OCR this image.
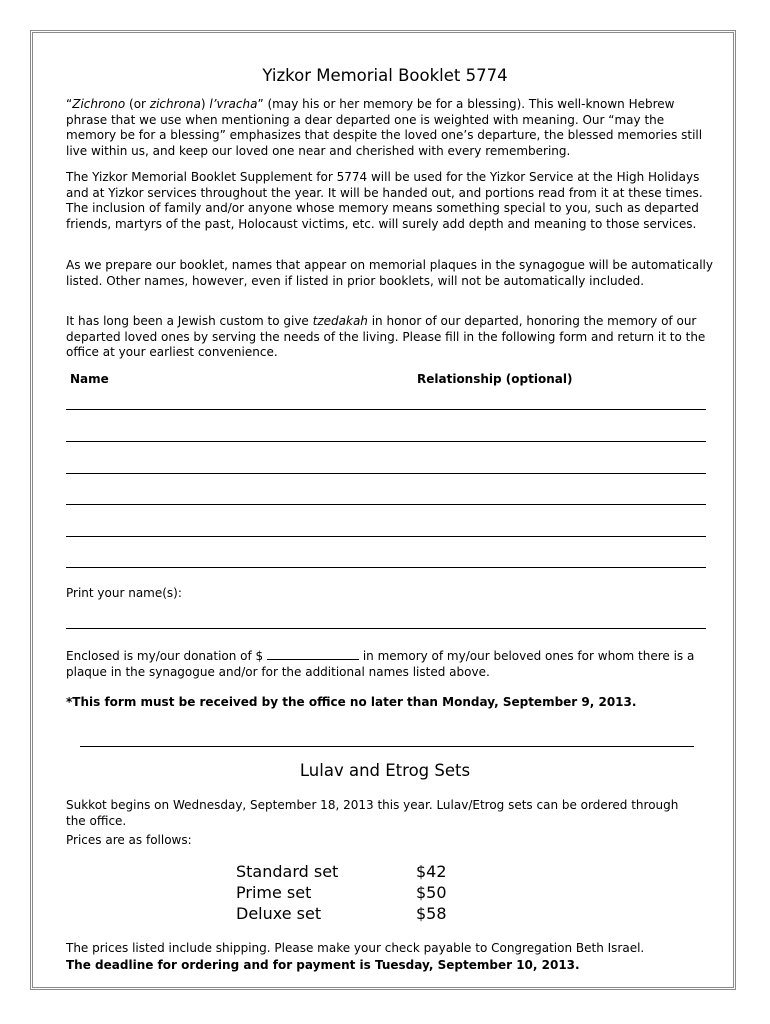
Yizkor Memorial Booklet 5774

“Zichrono (or zichrona) l’vracha” (may his or her memory be for a blessing). This well-known Hebrew phrase that we use when mentioning a dear departed one is weighted with meaning. Our “may the memory be for a blessing” emphasizes that despite the loved one’s departure, the blessed memories still live within us, and keep our loved one near and cherished with every remembering.

The Yizkor Memorial Booklet Supplement for 5774 will be used for the Yizkor Service at the High Holidays and at Yizkor services throughout the year. It will be handed out, and portions read from it at these times. The inclusion of family and/or anyone whose memory means something special to you, such as departed friends, martyrs of the past, Holocaust victims, etc. will surely add depth and meaning to those services.

As we prepare our booklet, names that appear on memorial plaques in the synagogue will be automatically listed. Other names, however, even if listed in prior booklets, will not be automatically included.

It has long been a Jewish custom to give tzedakah in honor of our departed, honoring the memory of our departed loved ones by serving the needs of the living. Please fill in the following form and return it to the office at your earliest convenience.

Name	Relationship (optional)
Print your name(s):

Enclosed is my/our donation of $	in memory of my/our beloved ones for whom there is a plaque in the synagogue and/or for the additional names listed above.

*This form must be received by the office no later than Monday, September 9, 2013.
Lulav and Etrog Sets

Sukkot begins on Wednesday, September 18, 2013 this year. Lulav/Etrog sets can be ordered through the office.

Prices are as follows:
Standard set	$42
Prime set	$50
Deluxe set	$58
The prices listed include shipping. Please make your check payable to Congregation Beth Israel.
The deadline for ordering and for payment is Tuesday, September 10, 2013.
